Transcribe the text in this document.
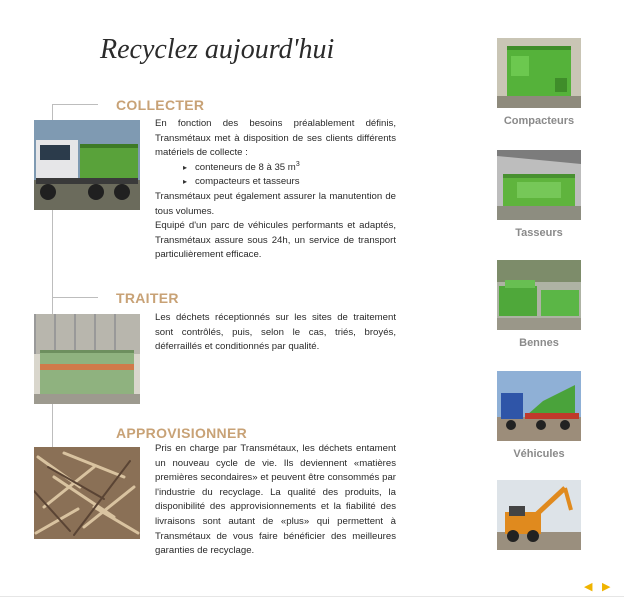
Recyclez aujourd'hui
COLLECTER

En fonction des besoins préalablement définis, Transmétaux met à disposition de ses clients différents matériels de collecte :

▸ conteneurs de 8 à 35 $m^3$
▸ compacteurs et tasseurs

Transmétaux peut également assurer la manutention de tous volumes.

Equipé d'un parc de véhicules performants et adaptés, Transmétaux assure sous 24h, un service de transport particulièrement efficace.

TRAITER

Les déchets réceptionnés sur les sites de traitement sont contrôlés, puis, selon le cas, triés, broyés, déferraillés et conditionnés par qualité.

APPROVISIONNER

Pris en charge par Transmétaux, les déchets entament un nouveau cycle de vie. Ils deviennent «matières premières secondaires» et peuvent être consommés par l'industrie du recyclage. La qualité des produits, la disponibilité des approvisionnements et la fiabilité des livraisons sont autant de «plus» qui permettent à Transmétaux de vous faire bénéficier des meilleures garanties de recyclage.

Compacteurs
Tasseurs
Bennes
Véhicules
◀ ▶
